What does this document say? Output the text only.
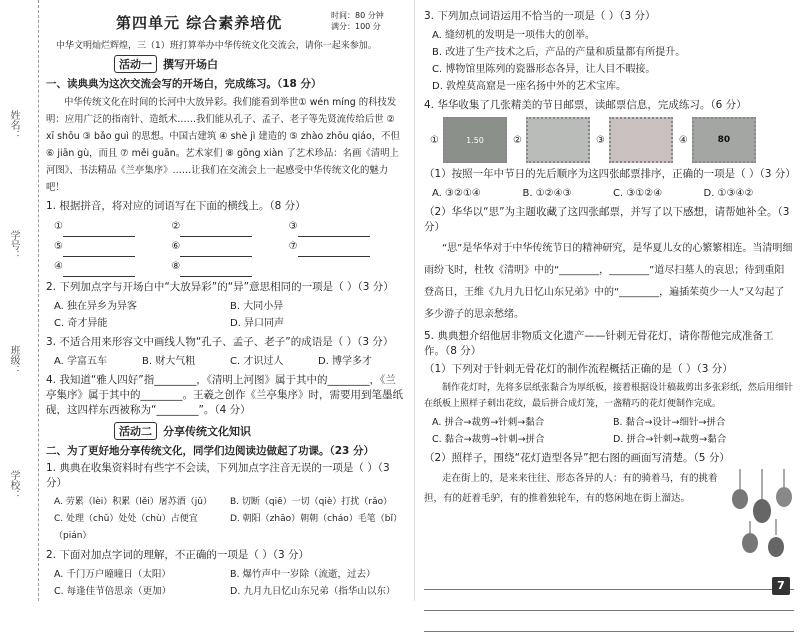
姓名：
学号：
班级：
学校：
第四单元 综合素养培优	时间：80 分钟
满分：100 分
中华文明灿烂辉煌，三（1）班打算举办中华传统文化交流会，请你一起来参加。
活动一	撰写开场白
一、读典典为这次交流会写的开场白，完成练习。（18 分）
中华传统文化在时间的长河中大放异彩。我们能看到举世① wén míng 的科技发明：应用广泛的指南针、造纸术……我们能从孔子、孟子、老子等先贤流传给后世 ② xī shōu ③ bǎo guì 的思想。中国古建筑 ④ shè jì 建造的 ⑤ zhào zhōu qiáo，不但 ⑥ jiān gù，而且 ⑦ měi guān。艺术家们 ⑧ gōng xiàn 了艺术珍品：名画《清明上河图》、书法精品《兰亭集序》……让我们在交流会上一起感受中华传统文化的魅力吧！
1. 根据拼音，将对应的词语写在下面的横线上。（8 分）
①	②	③
⑤	⑥	⑦
④	⑧
2. 下列加点字与开场白中“大放异彩”的“异”意思相同的一项是（ ）（3 分）
A. 独在异乡为异客	B. 大同小异
C. 奇才异能	D. 异口同声
3. 不适合用来形容文中画线人物“孔子、孟子、老子”的成语是（ ）（3 分）
A. 学富五车	B. 财大气粗	C. 才识过人	D. 博学多才
4. 我知道“雅人四好”指________，《清明上河图》属于其中的________，《兰亭集序》属于其中的________。王羲之创作《兰亭集序》时，需要用到笔墨纸砚，这四样东西被称为“________”。（4 分）
活动二	分享传统文化知识
二、为了更好地分享传统文化，同学们边阅读边做起了功课。（23 分）
1. 典典在收集资料时有些字不会读，下列加点字注音无误的一项是（ ）（3 分）
A. 劳累（lèi）积累（lěi）屠苏酒（jǔ）	B. 切断（qiē）一切（qiè）打扰（rǎo）
C. 处理（chǔ）处处（chù）占便宜（pián）
D. 朝阳（zhāo）朝朝（cháo）毛笔（bǐ）
2. 下面对加点字词的理解，不正确的一项是（ ）（3 分）
A. 千门万户曈曈日（太阳）	B. 爆竹声中一岁除（流逝，过去）
C. 每逢佳节倍思亲（更加）	D. 九月九日忆山东兄弟（指华山以东）
3. 下列加点词语运用不恰当的一项是（ ）（3 分）
A. 缝纫机的发明是一项伟大的创举。
B. 改进了生产技术之后，产品的产量和质量都有所提升。
C. 博物馆里陈列的瓷器形态各异，让人目不暇接。
D. 敦煌莫高窟是一座名扬中外的艺术宝库。
4. 华华收集了几张精美的节日邮票，读邮票信息，完成练习。（6 分）
①	1.50	②	③	④	80
（1）按照一年中节日的先后顺序为这四张邮票排序，正确的一项是（ ）（3 分）
A. ③②①④	B. ①②④③	C. ③①②④	D. ①③④②
（2）华华以“思”为主题收藏了这四张邮票，并写了以下感想，请帮她补全。（3 分）
“思”是华华对于中华传统节日的精神研究，是华夏儿女的心繁繁相连。当清明细雨纷飞时，杜牧《清明》中的“________，________”道尽扫墓人的哀思；待到重阳登高日，王维《九月九日忆山东兄弟》中的“________，遍插茱萸少一人”又勾起了多少游子的思亲愁绪。
5. 典典想介绍他居非物质文化遗产——针刺无骨花灯，请你帮他完成准备工作。（8 分）
（1）下列对于针刺无骨花灯的制作流程概括正确的是（ ）（3 分）
制作花灯时，先将多层纸张黏合为厚纸板，接着根据设计稿裁剪出多张彩纸，然后用细针在纸板上照样子刺出花纹，最后拼合成灯笼，一盏精巧的花灯便制作完成。
A. 拼合→裁剪→针刺→黏合	B. 黏合→设计→细针→拼合
C. 黏合→裁剪→针刺→拼合	D. 拼合→针刺→裁剪→黏合
（2）照样子，围绕“花灯造型各异”把右图的画面写清楚。（5 分）
走在街上的，是来来往往、形态各异的人：有的骑着马，有的挑着担，有的赶着毛驴，有的推着独轮车，有的悠闲地在街上溜达。
7
